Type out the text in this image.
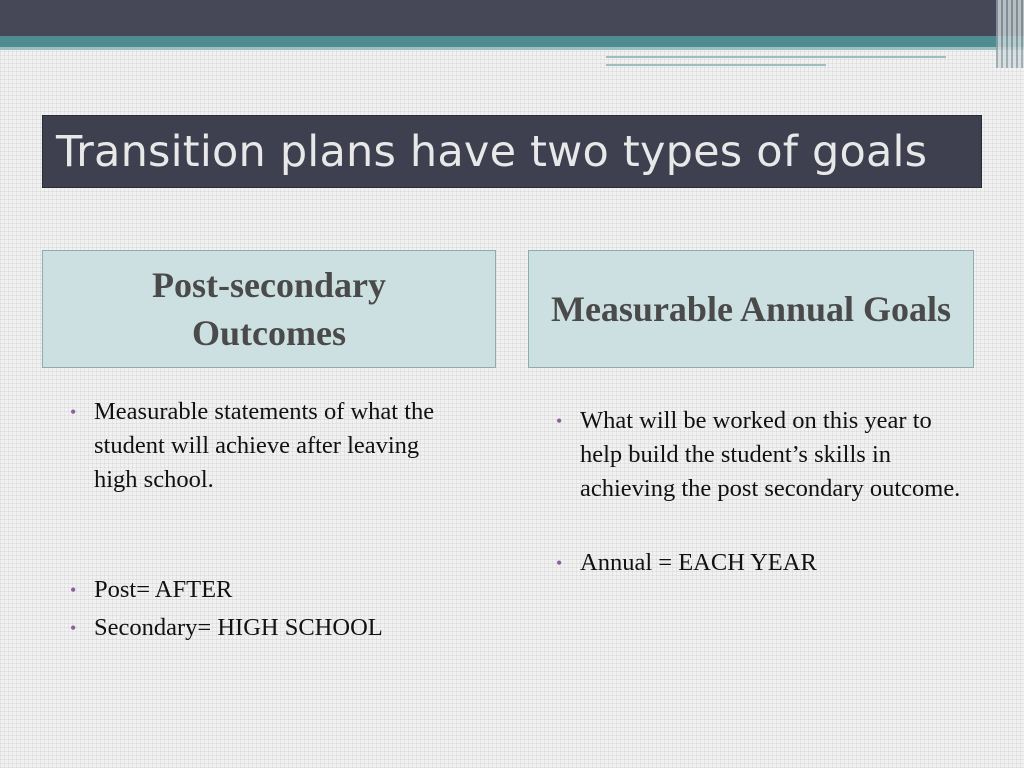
Transition plans have two types of goals
Post-secondary Outcomes
• Measurable statements of what the student will achieve after leaving high school.
• Post= AFTER
• Secondary= HIGH SCHOOL
Measurable Annual Goals
• What will be worked on this year to help build the student’s skills in achieving the post secondary outcome.
• Annual = EACH YEAR
